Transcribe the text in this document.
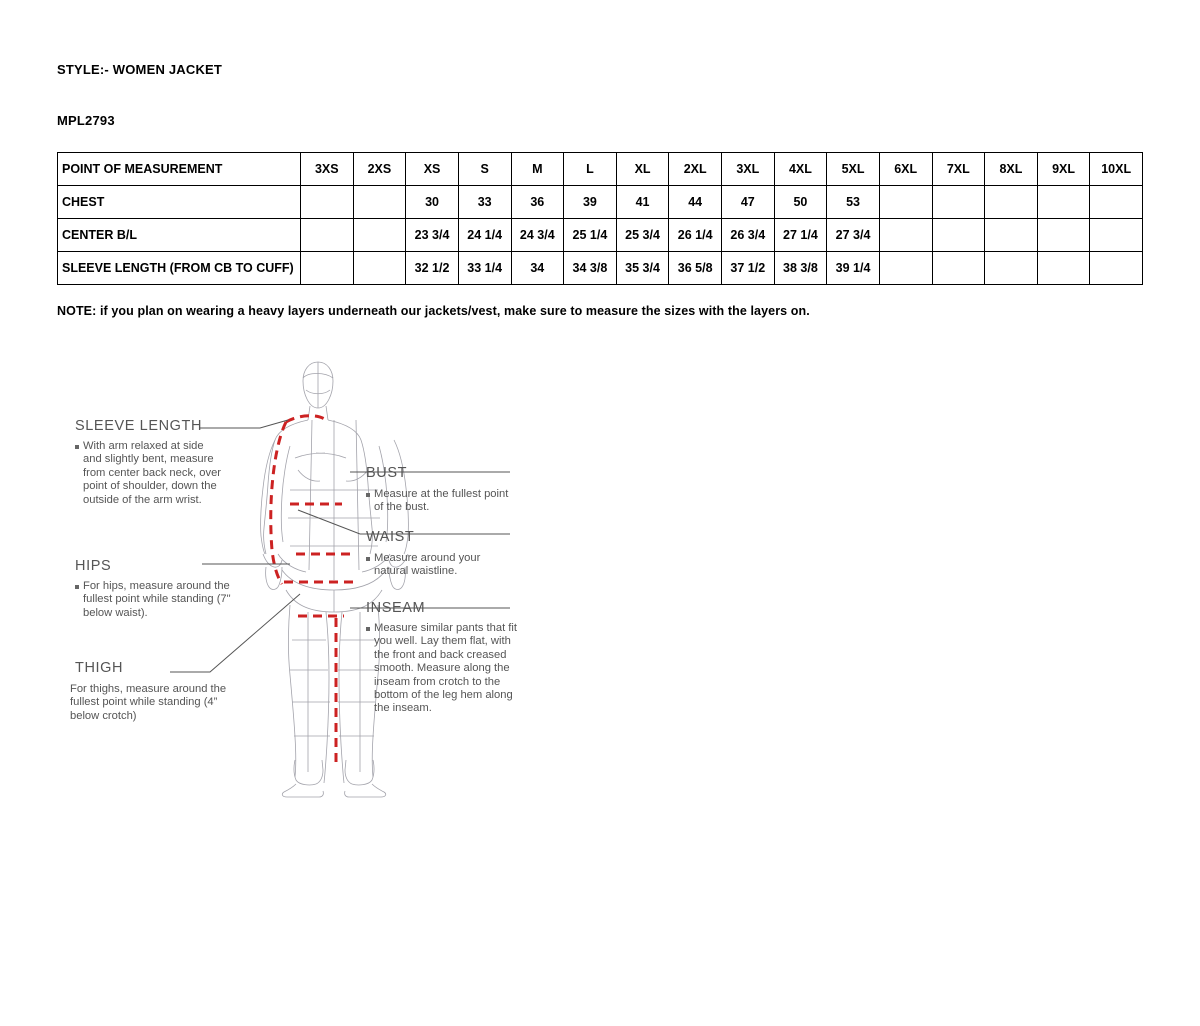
STYLE:- WOMEN JACKET
MPL2793
POINT OF MEASUREMENT	3XS	2XS	XS	S	M	L	XL	2XL	3XL	4XL	5XL	6XL	7XL	8XL	9XL	10XL
CHEST			30	33	36	39	41	44	47	50	53					
CENTER B/L			23 3/4	24 1/4	24 3/4	25 1/4	25 3/4	26 1/4	26 3/4	27 1/4	27 3/4					
SLEEVE LENGTH (FROM CB TO CUFF)			32 1/2	33 1/4	34	34 3/8	35 3/4	36 5/8	37 1/2	38 3/8	39 1/4					
NOTE: if you plan on wearing a heavy layers underneath our jackets/vest, make sure to measure the sizes with the layers on.
SLEEVE LENGTH
With arm relaxed at side and slightly bent, measure from center back neck, over point of shoulder, down the outside of the arm wrist.
HIPS
For hips, measure around the fullest point while standing (7" below waist).
THIGH
For thighs, measure around the fullest point while standing (4” below crotch)
BUST
Measure at the fullest point of the bust.
WAIST
Measure around your natural waistline.
INSEAM
Measure similar pants that fit you well. Lay them flat, with the front and back creased smooth. Measure along the inseam from crotch to the bottom of the leg hem along the inseam.
